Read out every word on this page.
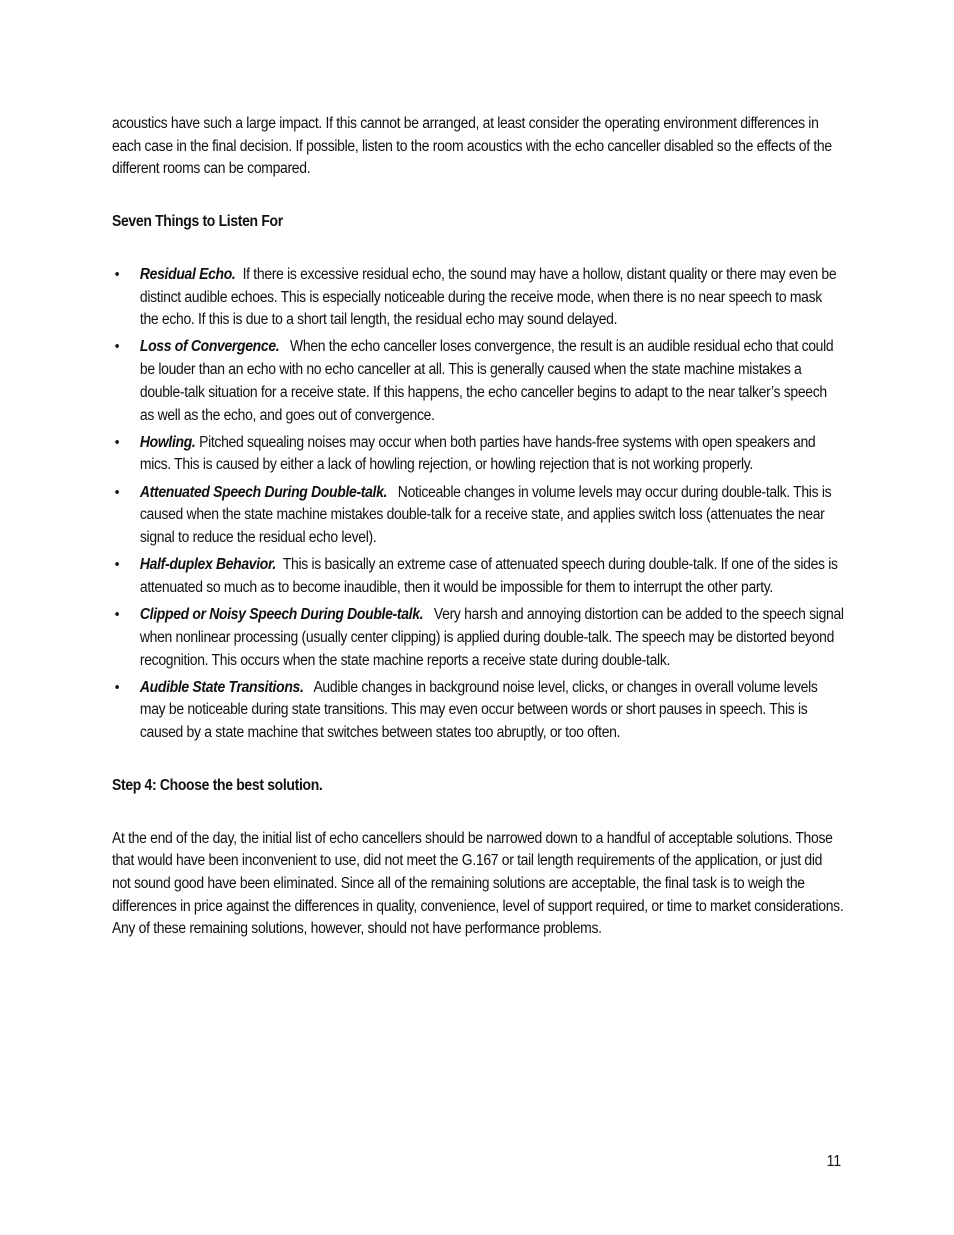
acoustics have such a large impact. If this cannot be arranged, at least consider the operating environment differences in each case in the final decision. If possible, listen to the room acoustics with the echo canceller disabled so the effects of the different rooms can be compared.

Seven Things to Listen For

• Residual Echo. If there is excessive residual echo, the sound may have a hollow, distant quality or there may even be distinct audible echoes. This is especially noticeable during the receive mode, when there is no near speech to mask the echo. If this is due to a short tail length, the residual echo may sound delayed.
• Loss of Convergence. When the echo canceller loses convergence, the result is an audible residual echo that could be louder than an echo with no echo canceller at all. This is generally caused when the state machine mistakes a double-talk situation for a receive state. If this happens, the echo canceller begins to adapt to the near talker’s speech as well as the echo, and goes out of convergence.
• Howling. Pitched squealing noises may occur when both parties have hands-free systems with open speakers and mics. This is caused by either a lack of howling rejection, or howling rejection that is not working properly.
• Attenuated Speech During Double-talk. Noticeable changes in volume levels may occur during double-talk. This is caused when the state machine mistakes double-talk for a receive state, and applies switch loss (attenuates the near signal to reduce the residual echo level).
• Half-duplex Behavior. This is basically an extreme case of attenuated speech during double-talk. If one of the sides is attenuated so much as to become inaudible, then it would be impossible for them to interrupt the other party.
• Clipped or Noisy Speech During Double-talk. Very harsh and annoying distortion can be added to the speech signal when nonlinear processing (usually center clipping) is applied during double-talk. The speech may be distorted beyond recognition. This occurs when the state machine reports a receive state during double-talk.
• Audible State Transitions. Audible changes in background noise level, clicks, or changes in overall volume levels may be noticeable during state transitions. This may even occur between words or short pauses in speech. This is caused by a state machine that switches between states too abruptly, or too often.

Step 4: Choose the best solution.

At the end of the day, the initial list of echo cancellers should be narrowed down to a handful of acceptable solutions. Those that would have been inconvenient to use, did not meet the G.167 or tail length requirements of the application, or just did not sound good have been eliminated. Since all of the remaining solutions are acceptable, the final task is to weigh the differences in price against the differences in quality, convenience, level of support required, or time to market considerations. Any of these remaining solutions, however, should not have performance problems.

11
